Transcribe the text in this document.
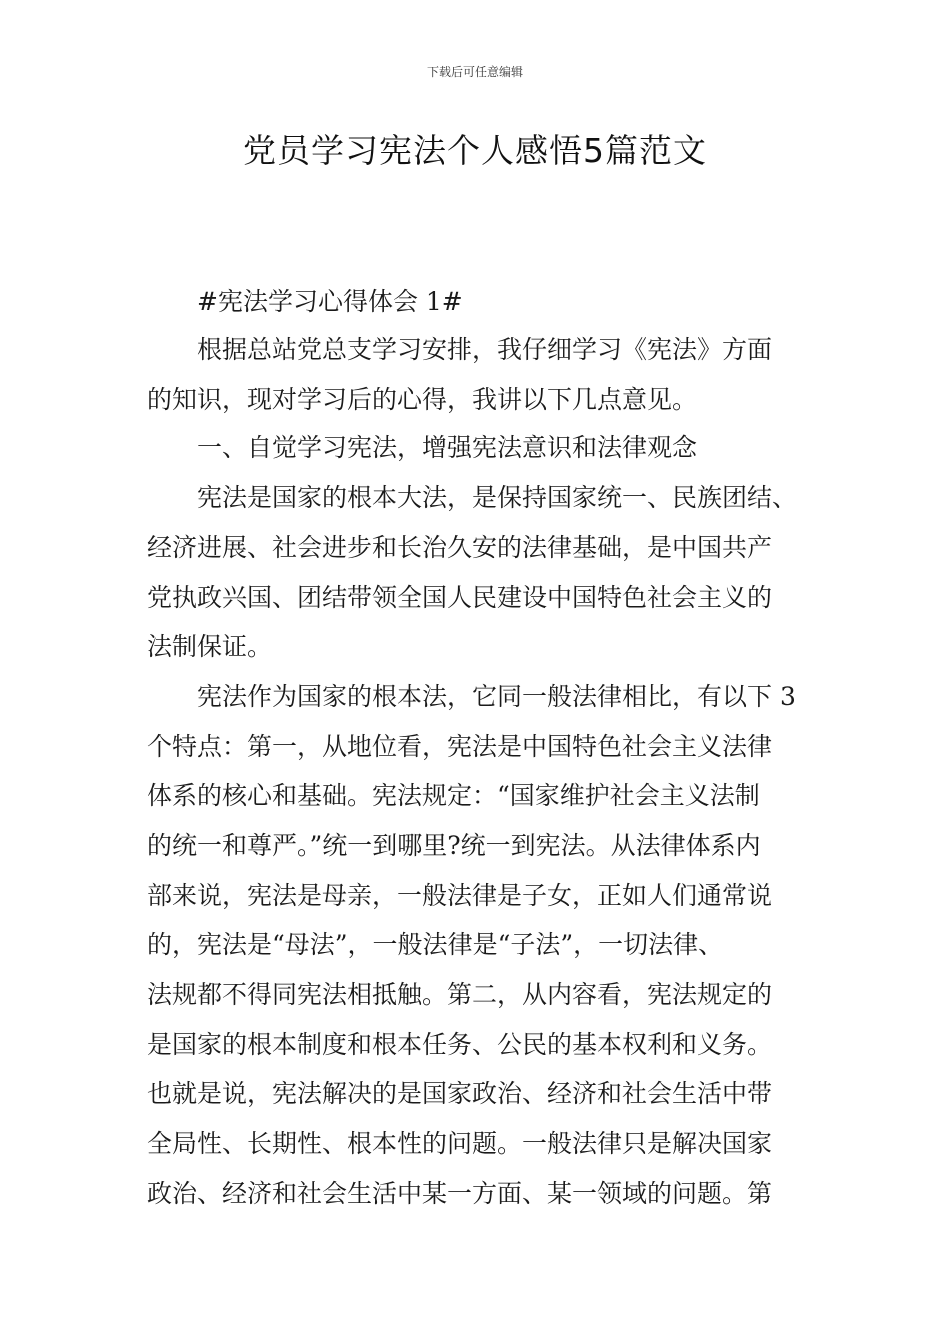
下载后可任意编辑
党员学习宪法个人感悟5篇范文
#宪法学习心得体会 1#
根据总站党总支学习安排，我仔细学习《宪法》方面
的知识，现对学习后的心得，我讲以下几点意见。
一、自觉学习宪法，增强宪法意识和法律观念
宪法是国家的根本大法，是保持国家统一、民族团结、
经济进展、社会进步和长治久安的法律基础，是中国共产
党执政兴国、团结带领全国人民建设中国特色社会主义的
法制保证。
宪法作为国家的根本法，它同一般法律相比，有以下 3
个特点：第一，从地位看，宪法是中国特色社会主义法律
体系的核心和基础。宪法规定：“国家维护社会主义法制
的统一和尊严。”统一到哪里?统一到宪法。从法律体系内
部来说，宪法是母亲，一般法律是子女，正如人们通常说
的，宪法是“母法”，一般法律是“子法”，一切法律、
法规都不得同宪法相抵触。第二，从内容看，宪法规定的
是国家的根本制度和根本任务、公民的基本权利和义务。
也就是说，宪法解决的是国家政治、经济和社会生活中带
全局性、长期性、根本性的问题。一般法律只是解决国家
政治、经济和社会生活中某一方面、某一领域的问题。第
